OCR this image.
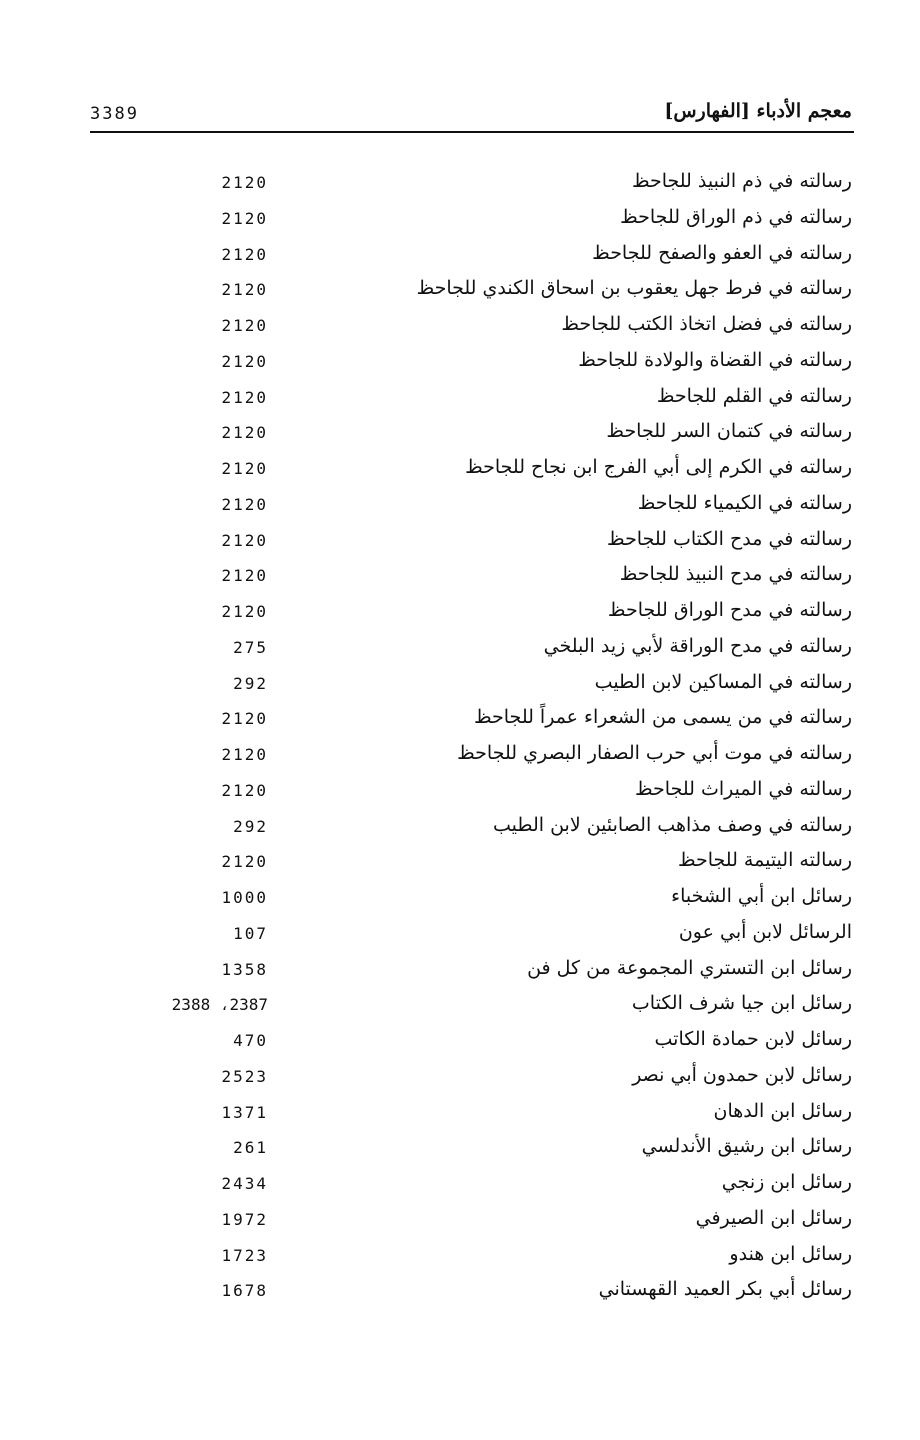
3389	معجم الأدباء [الفهارس]
رسالته في ذم النبيذ للجاحظ
2120
رسالته في ذم الوراق للجاحظ
2120
رسالته في العفو والصفح للجاحظ
2120
رسالته في فرط جهل يعقوب بن اسحاق الكندي للجاحظ
2120
رسالته في فضل اتخاذ الكتب للجاحظ
2120
رسالته في القضاة والولادة للجاحظ
2120
رسالته في القلم للجاحظ
2120
رسالته في كتمان السر للجاحظ
2120
رسالته في الكرم إلى أبي الفرج ابن نجاح للجاحظ
2120
رسالته في الكيمياء للجاحظ
2120
رسالته في مدح الكتاب للجاحظ
2120
رسالته في مدح النبيذ للجاحظ
2120
رسالته في مدح الوراق للجاحظ
2120
رسالته في مدح الوراقة لأبي زيد البلخي
275
رسالته في المساكين لابن الطيب
292
رسالته في من يسمى من الشعراء عمراً للجاحظ
2120
رسالته في موت أبي حرب الصفار البصري للجاحظ
2120
رسالته في الميراث للجاحظ
2120
رسالته في وصف مذاهب الصابئين لابن الطيب
292
رسالته اليتيمة للجاحظ
2120
رسائل ابن أبي الشخباء
1000
الرسائل لابن أبي عون
107
رسائل ابن التستري المجموعة من كل فن
1358
رسائل ابن جيا شرف الكتاب
2387، 2388
رسائل لابن حمادة الكاتب
470
رسائل لابن حمدون أبي نصر
2523
رسائل ابن الدهان
1371
رسائل ابن رشيق الأندلسي
261
رسائل ابن زنجي
2434
رسائل ابن الصيرفي
1972
رسائل ابن هندو
1723
رسائل أبي بكر العميد القهستاني
1678
